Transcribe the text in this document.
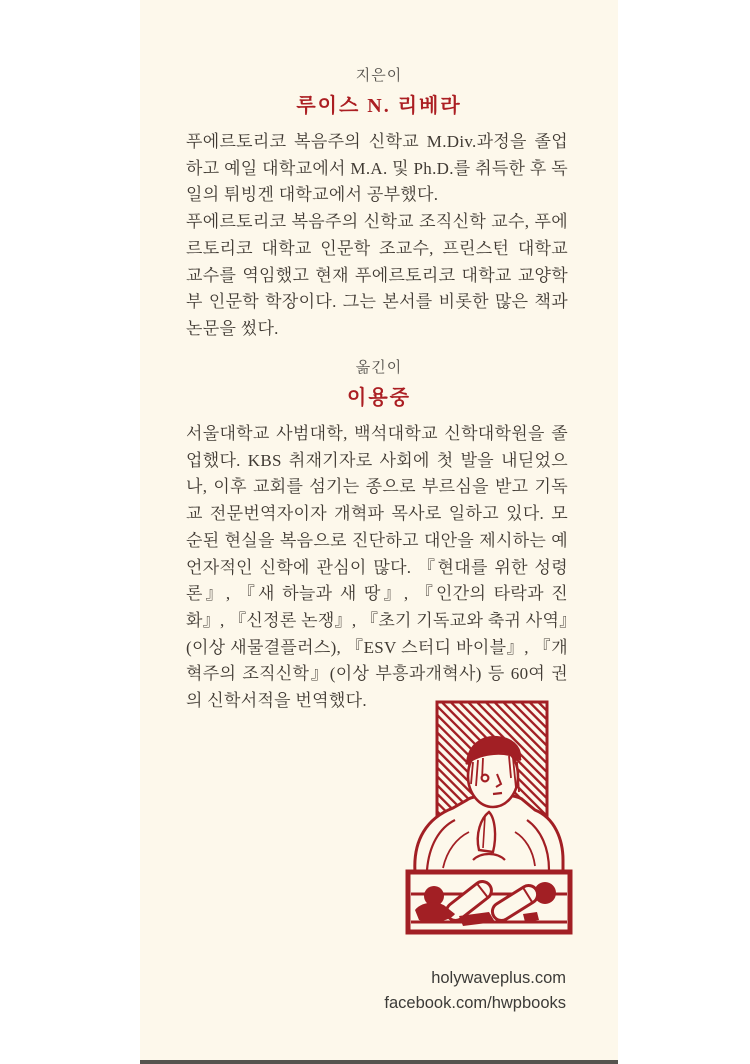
지은이
루이스 N. 리베라

푸에르토리코 복음주의 신학교 M.Div.과정을 졸업하고 예일 대학교에서 M.A. 및 Ph.D.를 취득한 후 독일의 튀빙겐 대학교에서 공부했다.

푸에르토리코 복음주의 신학교 조직신학 교수, 푸에르토리코 대학교 인문학 조교수, 프린스턴 대학교 교수를 역임했고 현재 푸에르토리코 대학교 교양학부 인문학 학장이다. 그는 본서를 비롯한 많은 책과 논문을 썼다.

옮긴이
이용중

서울대학교 사범대학, 백석대학교 신학대학원을 졸업했다. KBS 취재기자로 사회에 첫 발을 내딛었으나, 이후 교회를 섬기는 종으로 부르심을 받고 기독교 전문번역자이자 개혁파 목사로 일하고 있다. 모순된 현실을 복음으로 진단하고 대안을 제시하는 예언자적인 신학에 관심이 많다. 『현대를 위한 성령론』, 『새 하늘과 새 땅』, 『인간의 타락과 진화』, 『신정론 논쟁』, 『초기 기독교와 축귀 사역』(이상 새물결플러스), 『ESV 스터디 바이블』, 『개혁주의 조직신학』(이상 부흥과개혁사) 등 60여 권의 신학서적을 번역했다.

holywaveplus.com
facebook.com/hwpbooks
